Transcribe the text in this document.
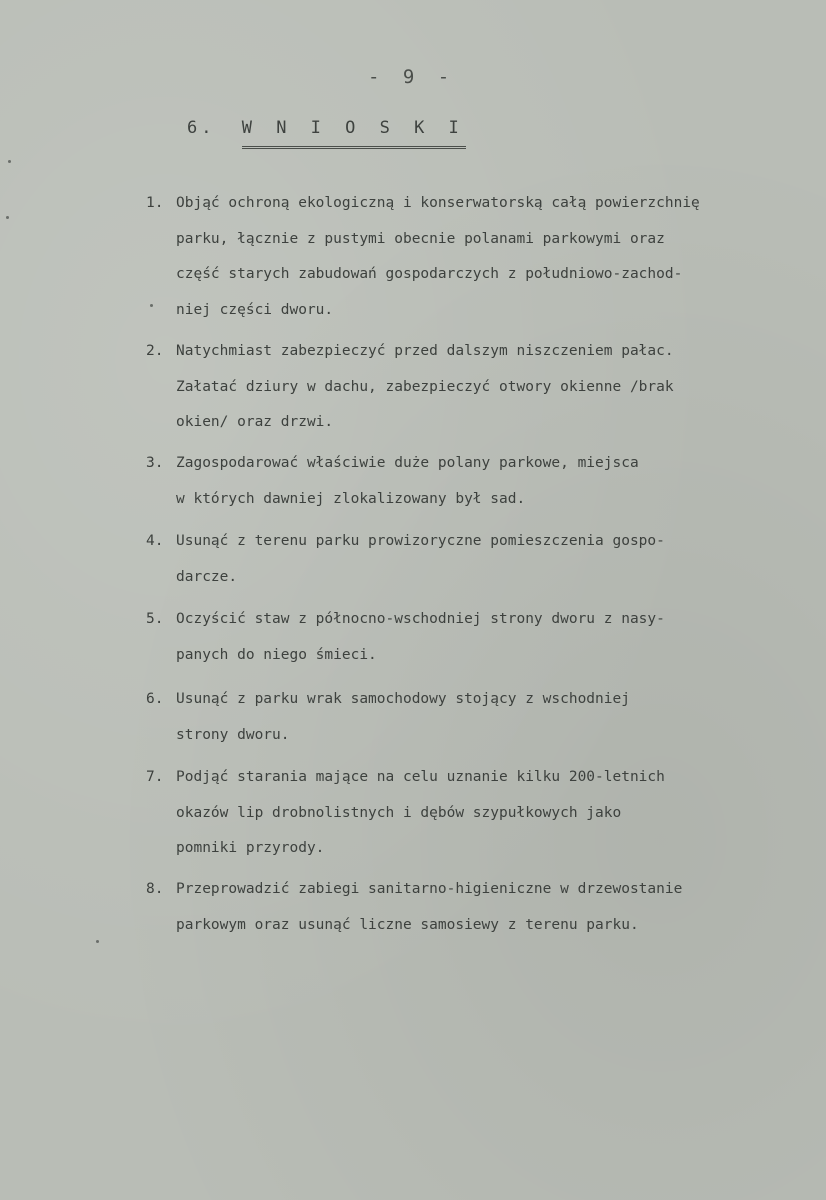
- 9 -
6. W N I O S K I
1. Objąć ochroną ekologiczną i konserwatorską całą powierzchnię
parku, łącznie z pustymi obecnie polanami parkowymi oraz
część starych zabudowań gospodarczych z południowo-zachod-
niej części dworu.
2. Natychmiast zabezpieczyć przed dalszym niszczeniem pałac.
Załatać dziury w dachu, zabezpieczyć otwory okienne /brak
okien/ oraz drzwi.
3. Zagospodarować właściwie duże polany parkowe, miejsca
w których dawniej zlokalizowany był sad.
4. Usunąć z terenu parku prowizoryczne pomieszczenia gospo-
darcze.
5. Oczyścić staw z północno-wschodniej strony dworu z nasy-
panych do niego śmieci.
6. Usunąć z parku wrak samochodowy stojący z wschodniej
strony dworu.
7. Podjąć starania mające na celu uznanie kilku 200-letnich
okazów lip drobnolistnych i dębów szypułkowych jako
pomniki przyrody.
8. Przeprowadzić zabiegi sanitarno-higieniczne w drzewostanie
parkowym oraz usunąć liczne samosiewy z terenu parku.
